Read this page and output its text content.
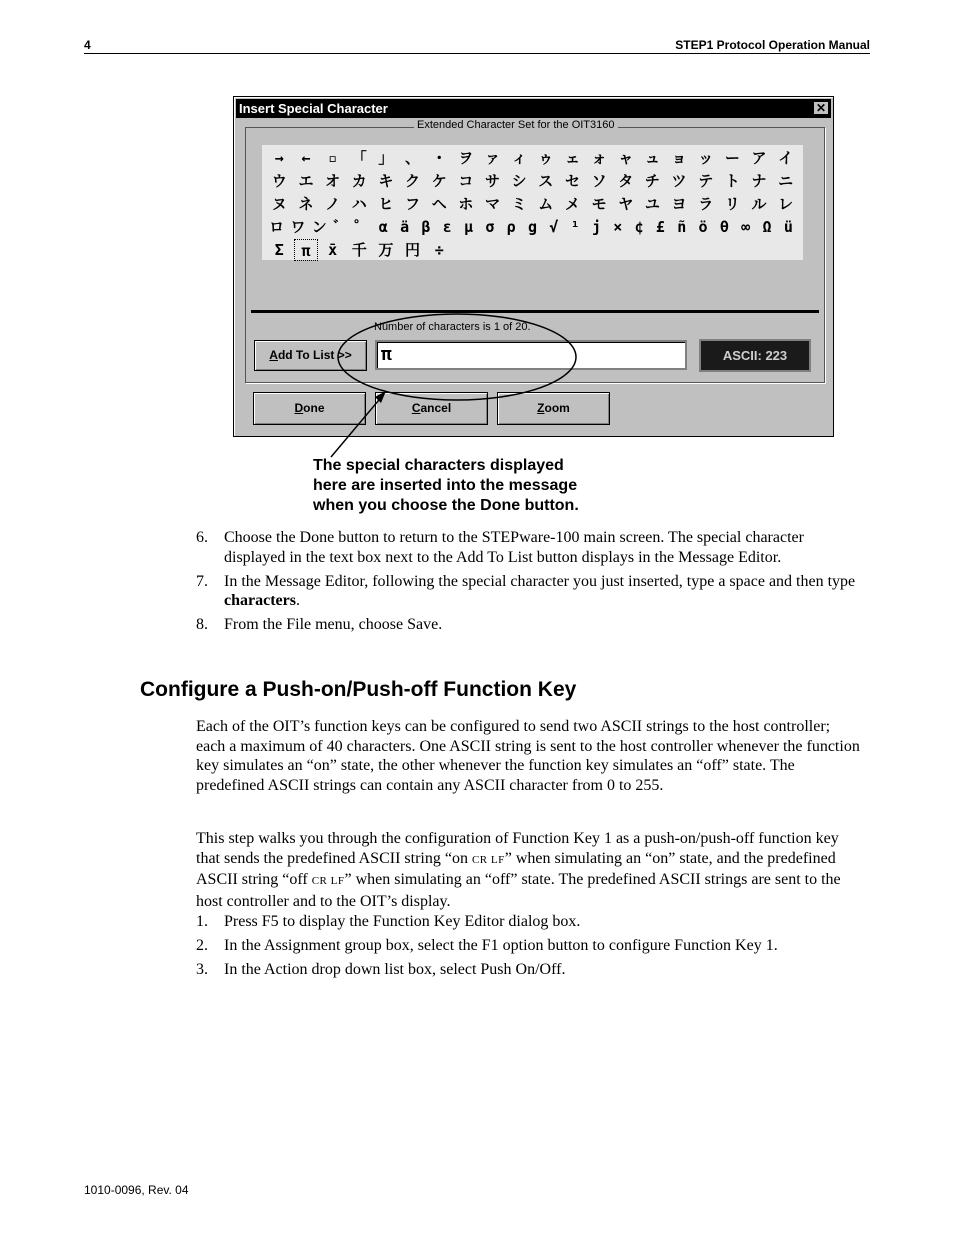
4	STEP1 Protocol Operation Manual
Insert Special Character	✕
Extended Character Set for the OIT3160
→	←	▫ 「 」 、 ・ ヲ ァ ィ ゥ ェ ォ ャ ュ ョ ッ ー ア イ
ウ エ オ カ キ ク ケ コ サ シ ス セ ソ タ チ ツ テ ト ナ ニ
ヌ ネ ノ ハ ヒ フ ヘ ホ マ ミ ム メ モ ヤ ユ ヨ ラ リ ル レ
ロ ワ ン ゛ ゜ α ä β ε μ σ ρ g √ ¹ ϳ × ¢ £ ñ ö θ ∞ Ω ü
Σ	π	x̄ 千 万 円 ÷
Number of characters is 1 of 20.
Add To List >>	π	ASCII: 223
Done	Cancel	Zoom
The special characters displayed
here are inserted into the message
when you choose the Done button.
6. Choose the Done button to return to the STEPware-100 main screen. The special character displayed in the text box next to the Add To List button displays in the Message Editor.
7. In the Message Editor, following the special character you just inserted, type a space and then type characters.
8. From the File menu, choose Save.
Configure a Push-on/Push-off Function Key

Each of the OIT’s function keys can be configured to send two ASCII strings to the host controller; each a maximum of 40 characters. One ASCII string is sent to the host controller whenever the function key simulates an “on” state, the other whenever the function key simulates an “off” state. The predefined ASCII strings can contain any ASCII character from 0 to 255.

This step walks you through the configuration of Function Key 1 as a push-on/push-off function key that sends the predefined ASCII string “on CR LF” when simulating an “on” state, and the predefined ASCII string “off CR LF” when simulating an “off” state. The predefined ASCII strings are sent to the host controller and to the OIT’s display.

1. Press F5 to display the Function Key Editor dialog box.
2. In the Assignment group box, select the F1 option button to configure Function Key 1.
3. In the Action drop down list box, select Push On/Off.
1010-0096, Rev. 04
